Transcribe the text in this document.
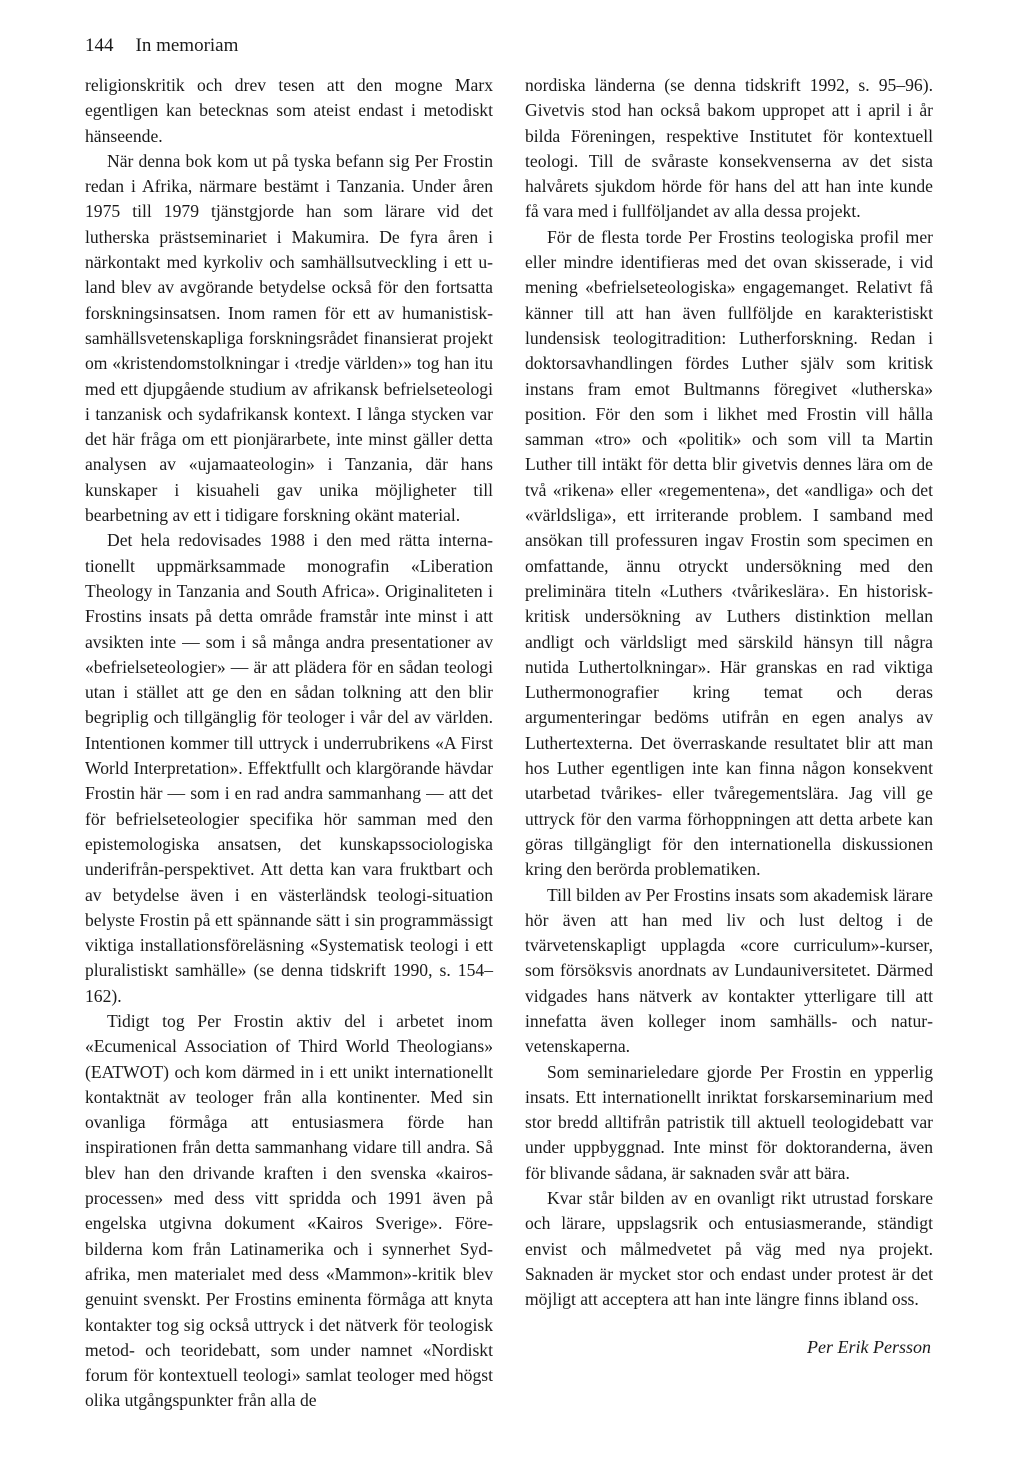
144 In memoriam

religionskritik och drev tesen att den mogne Marx egentligen kan betecknas som ateist endast i metodiskt hänseende.

När denna bok kom ut på tyska befann sig Per Frostin redan i Afrika, närmare bestämt i Tanzania. Under åren 1975 till 1979 tjänstgjorde han som lärare vid det lutherska prästseminariet i Makumira. De fyra åren i närkontakt med kyrkoliv och samhällsutveckling i ett u-land blev av avgörande betydelse också för den fortsatta forskningsinsatsen. Inom ramen för ett av humanistisk-samhällsvetenskapliga forskningsrådet finansierat projekt om «kristendomstolkningar i ‹tredje världen›» tog han itu med ett djupgående studium av afrikansk befrielseteologi i tanzanisk och sydafrikansk kontext. I långa stycken var det här fråga om ett pionjärarbete, inte minst gäller detta analysen av «ujamaateologin» i Tanzania, där hans kunskaper i kisuaheli gav unika möjligheter till bearbetning av ett i tidigare forskning okänt material.

Det hela redovisades 1988 i den med rätta internationellt uppmärksammade monografin «Liberation Theology in Tanzania and South Africa». Originaliteten i Frostins insats på detta område framstår inte minst i att avsikten inte — som i så många andra presentationer av «befrielseteologier» — är att plädera för en sådan teologi utan i stället att ge den en sådan tolkning att den blir begriplig och tillgänglig för teologer i vår del av världen. Intentionen kommer till uttryck i underrubrikens «A First World Interpretation». Effektfullt och klargörande hävdar Frostin här — som i en rad andra sammanhang — att det för befrielseteologier specifika hör samman med den epistemologiska ansatsen, det kunskapssociologiska underifrån-perspektivet. Att detta kan vara fruktbart och av betydelse även i en västerländsk teologi-situation belyste Frostin på ett spännande sätt i sin programmässigt viktiga installationsföreläsning «Systematisk teologi i ett pluralistiskt samhälle» (se denna tidskrift 1990, s. 154–162).

Tidigt tog Per Frostin aktiv del i arbetet inom «Ecumenical Association of Third World Theologians» (EATWOT) och kom därmed in i ett unikt internationellt kontaktnät av teologer från alla kontinenter. Med sin ovanliga förmåga att entusiasmera förde han inspirationen från detta sammanhang vidare till andra. Så blev han den drivande kraften i den svenska «kairos-processen» med dess vitt spridda och 1991 även på engelska utgivna dokument «Kairos Sverige». Förebilderna kom från Latinamerika och i synnerhet Sydafrika, men materialet med dess «Mammon»-kritik blev genuint svenskt. Per Frostins eminenta förmåga att knyta kontakter tog sig också uttryck i det nätverk för teologisk metod- och teoridebatt, som under namnet «Nordiskt forum för kontextuell teologi» samlat teologer med högst olika utgångspunkter från alla de

nordiska länderna (se denna tidskrift 1992, s. 95–96). Givetvis stod han också bakom uppropet att i april i år bilda Föreningen, respektive Institutet för kontextuell teologi. Till de svåraste konsekvenserna av det sista halvårets sjukdom hörde för hans del att han inte kunde få vara med i fullföljandet av alla dessa projekt.

För de flesta torde Per Frostins teologiska profil mer eller mindre identifieras med det ovan skisserade, i vid mening «befrielseteologiska» engagemanget. Relativt få känner till att han även fullföljde en karakteristiskt lundensisk teologitradition: Lutherforskning. Redan i doktorsavhandlingen fördes Luther själv som kritisk instans fram emot Bultmanns föregivet «lutherska» position. För den som i likhet med Frostin vill hålla samman «tro» och «politik» och som vill ta Martin Luther till intäkt för detta blir givetvis dennes lära om de två «rikena» eller «regementena», det «andliga» och det «världsliga», ett irriterande problem. I samband med ansökan till professuren ingav Frostin som specimen en omfattande, ännu otryckt undersökning med den preliminära titeln «Luthers ‹tvårikeslära›. En historisk-kritisk undersökning av Luthers distinktion mellan andligt och världsligt med särskild hänsyn till några nutida Luthertolkningar». Här granskas en rad viktiga Luthermonografier kring temat och deras argumenteringar bedöms utifrån en egen analys av Luthertexterna. Det överraskande resultatet blir att man hos Luther egentligen inte kan finna någon konsekvent utarbetad tvårikes- eller tvåregementslära. Jag vill ge uttryck för den varma förhoppningen att detta arbete kan göras tillgängligt för den internationella diskussionen kring den berörda problematiken.

Till bilden av Per Frostins insats som akademisk lärare hör även att han med liv och lust deltog i de tvärvetenskapligt upplagda «core curriculum»-kurser, som försöksvis anordnats av Lundauniversitetet. Därmed vidgades hans nätverk av kontakter ytterligare till att innefatta även kolleger inom samhälls- och naturvetenskaperna.

Som seminarieledare gjorde Per Frostin en ypperlig insats. Ett internationellt inriktat forskarseminarium med stor bredd alltifrån patristik till aktuell teologidebatt var under uppbyggnad. Inte minst för doktoranderna, även för blivande sådana, är saknaden svår att bära.

Kvar står bilden av en ovanligt rikt utrustad forskare och lärare, uppslagsrik och entusiasmerande, ständigt envist och målmedvetet på väg med nya projekt. Saknaden är mycket stor och endast under protest är det möjligt att acceptera att han inte längre finns ibland oss.

Per Erik Persson
